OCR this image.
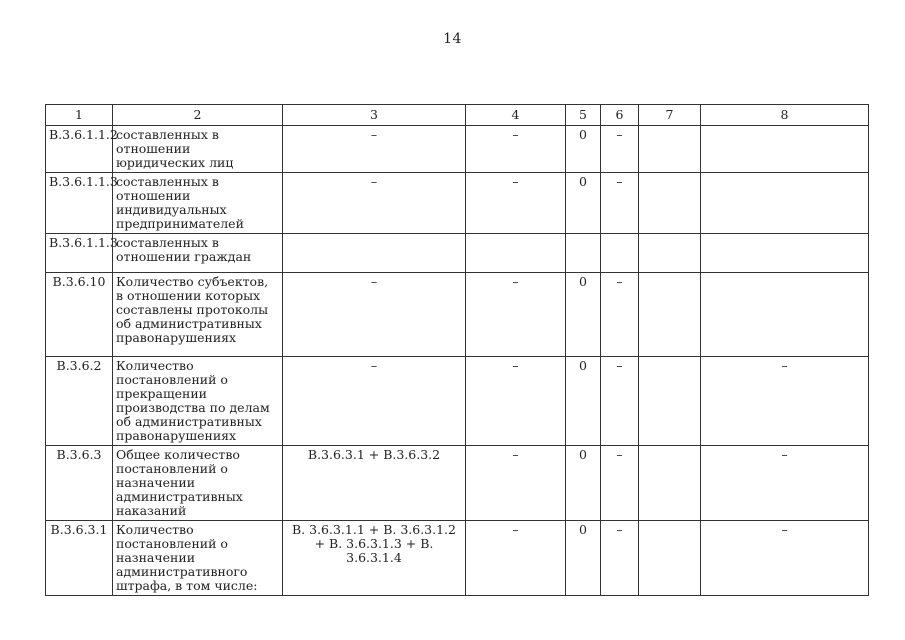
14
1	2	3	4	5	6	7	8
В.3.6.1.1.2	составленных в отношении юридических лиц	–	–	0	–		
В.3.6.1.1.3	составленных в отношении индивидуальных предпринимателей	–	–	0	–		
В.3.6.1.1.3	составленных в отношении граждан						
В.3.6.10	Количество субъектов, в отношении которых составлены протоколы об административных правонарушениях	–	–	0	–		
В.3.6.2	Количество постановлений о прекращении производства по делам об административных правонарушениях	–	–	0	–		–
В.3.6.3	Общее количество постановлений о назначении административных наказаний	В.3.6.3.1 + В.3.6.3.2	–	0	–		–
В.3.6.3.1	Количество постановлений о назначении административного штрафа, в том числе:	В. 3.6.3.1.1 + В. 3.6.3.1.2 + В. 3.6.3.1.3 + В. 3.6.3.1.4	–	0	–		–
